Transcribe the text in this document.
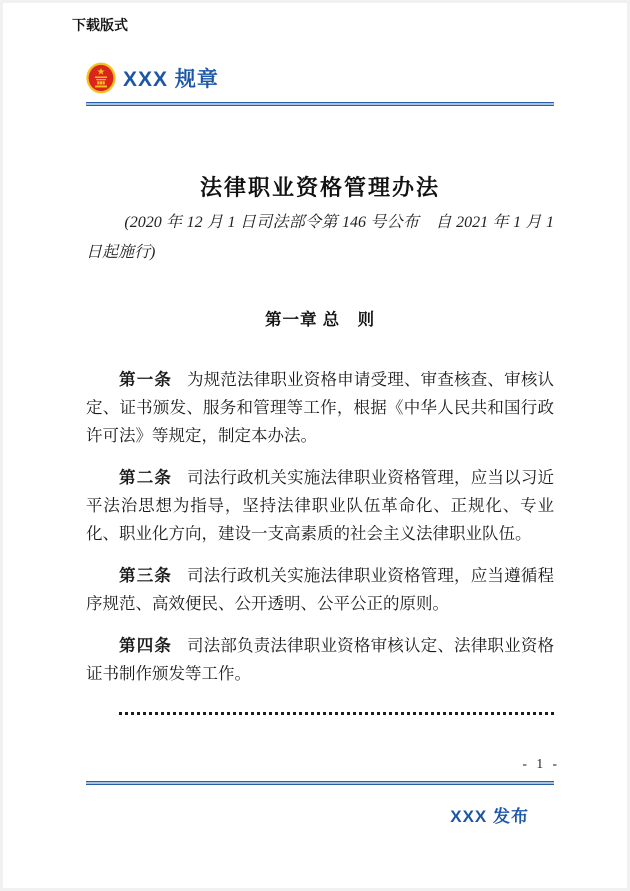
下载版式
XXX 规章
法律职业资格管理办法

(2020 年 12 月 1 日司法部令第 146 号公布　自 2021 年 1 月 1 日起施行)

第一章 总　则

第一条 为规范法律职业资格申请受理、审查核查、审核认定、证书颁发、服务和管理等工作，根据《中华人民共和国行政许可法》等规定，制定本办法。

第二条 司法行政机关实施法律职业资格管理，应当以习近平法治思想为指导，坚持法律职业队伍革命化、正规化、专业化、职业化方向，建设一支高素质的社会主义法律职业队伍。

第三条 司法行政机关实施法律职业资格管理，应当遵循程序规范、高效便民、公开透明、公平公正的原则。

第四条 司法部负责法律职业资格审核认定、法律职业资格证书制作颁发等工作。

- 1 -
XXX 发布
